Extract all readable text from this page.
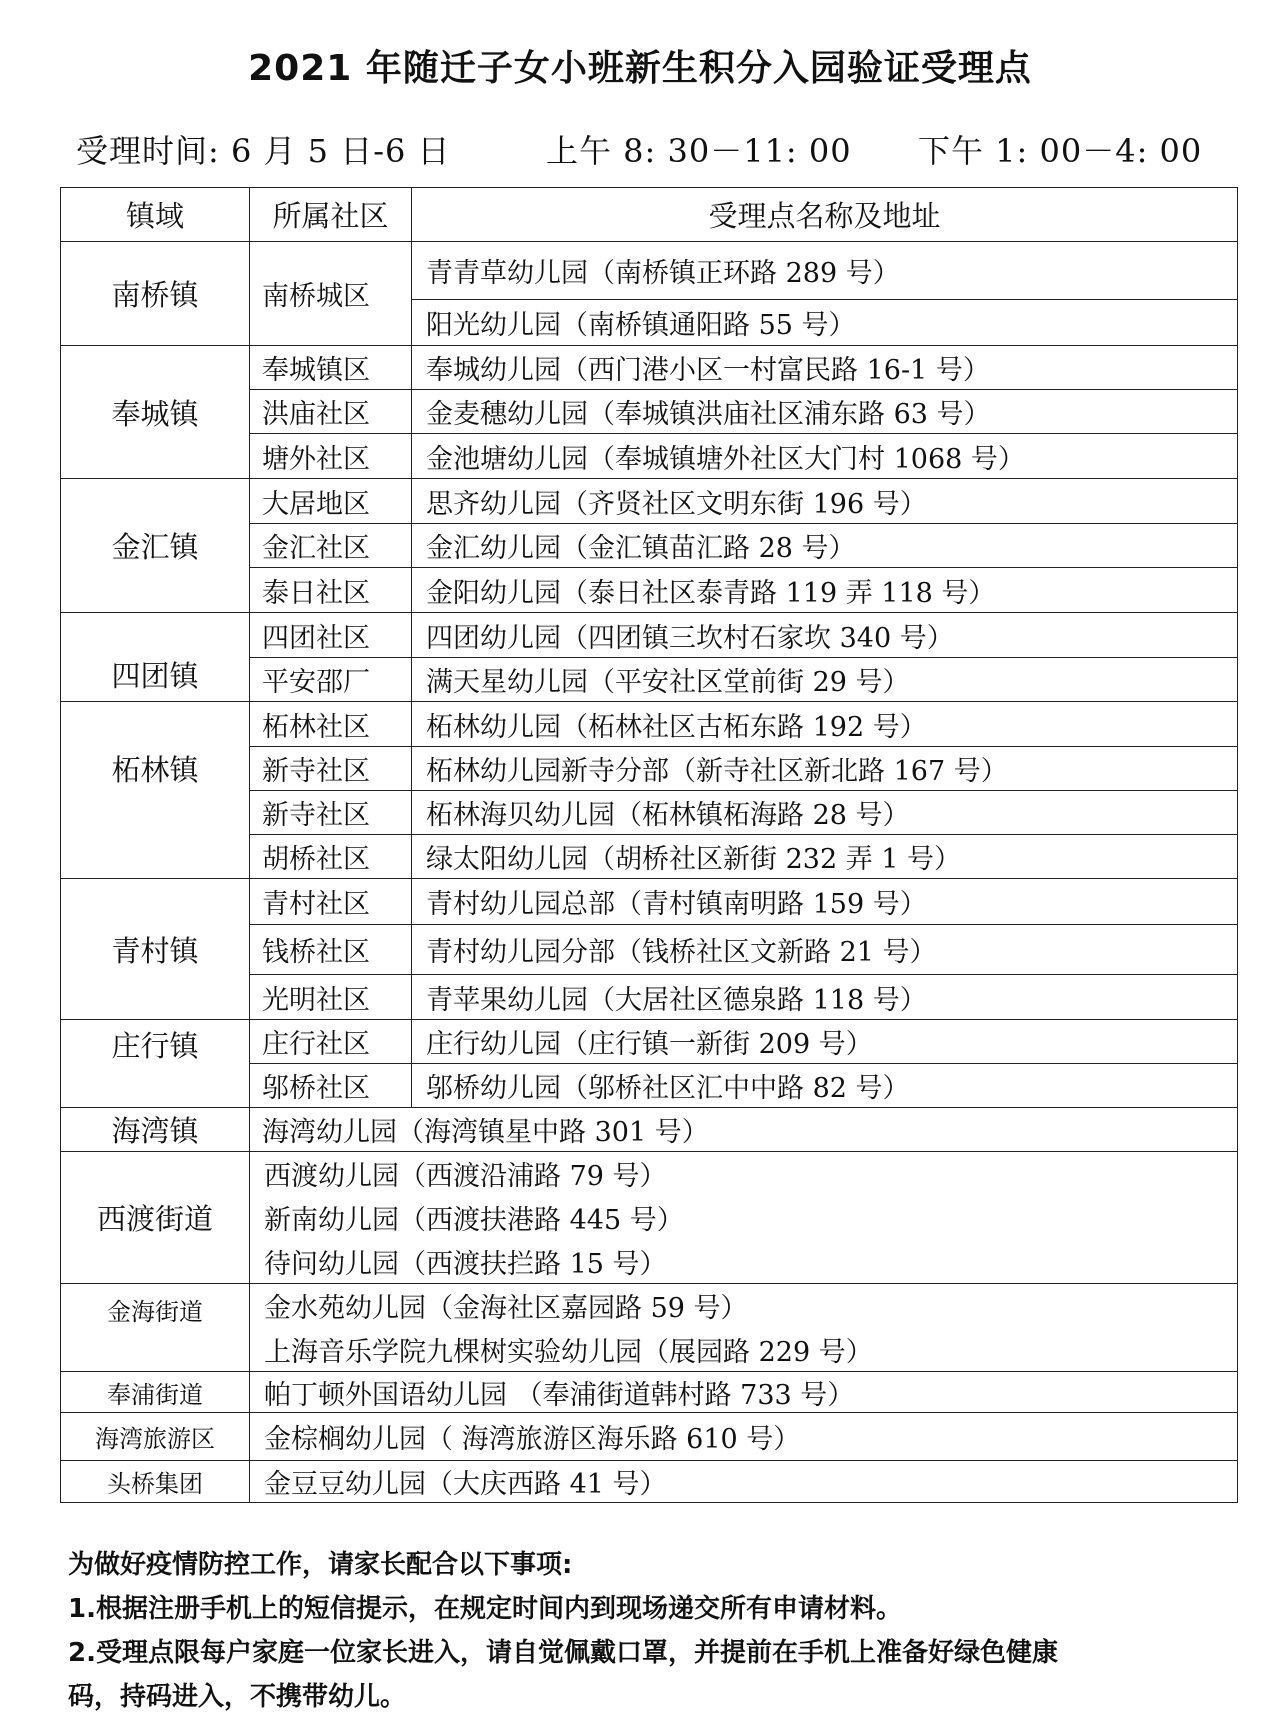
2021 年随迁子女小班新生积分入园验证受理点
受理时间: 6 月 5 日-6 日	上午 8: 30－11: 00 下午 1: 00－4: 00
镇域	所属社区	受理点名称及地址
南桥镇	南桥城区	青青草幼儿园（南桥镇正环路 289 号）
		阳光幼儿园（南桥镇通阳路 55 号）
奉城镇	奉城镇区	奉城幼儿园（西门港小区一村富民路 16-1 号）
	洪庙社区	金麦穗幼儿园（奉城镇洪庙社区浦东路 63 号）
	塘外社区	金池塘幼儿园（奉城镇塘外社区大门村 1068 号）
金汇镇	大居地区	思齐幼儿园（齐贤社区文明东街 196 号）
	金汇社区	金汇幼儿园（金汇镇苗汇路 28 号）
	泰日社区	金阳幼儿园（泰日社区泰青路 119 弄 118 号）
四团镇	四团社区	四团幼儿园（四团镇三坎村石家坎 340 号）
	平安邵厂	满天星幼儿园（平安社区堂前街 29 号）
柘林镇	柘林社区	柘林幼儿园（柘林社区古柘东路 192 号）
	新寺社区	柘林幼儿园新寺分部（新寺社区新北路 167 号）
	新寺社区	柘林海贝幼儿园（柘林镇柘海路 28 号）
	胡桥社区	绿太阳幼儿园（胡桥社区新街 232 弄 1 号）
青村镇	青村社区	青村幼儿园总部（青村镇南明路 159 号）
	钱桥社区	青村幼儿园分部（钱桥社区文新路 21 号）
	光明社区	青苹果幼儿园（大居社区德泉路 118 号）
庄行镇	庄行社区	庄行幼儿园（庄行镇一新街 209 号）
	邬桥社区	邬桥幼儿园（邬桥社区汇中中路 82 号）
海湾镇	海湾幼儿园（海湾镇星中路 301 号）	
西渡街道	西渡幼儿园（西渡沿浦路 79 号）	
	新南幼儿园（西渡扶港路 445 号）	
	待问幼儿园（西渡扶拦路 15 号）	
金海街道	金水苑幼儿园（金海社区嘉园路 59 号）	
	上海音乐学院九棵树实验幼儿园（展园路 229 号）	
奉浦街道	帕丁顿外国语幼儿园 （奉浦街道韩村路 733 号）	
海湾旅游区	金棕榈幼儿园（ 海湾旅游区海乐路 610 号）	
头桥集团	金豆豆幼儿园（大庆西路 41 号）	
为做好疫情防控工作，请家长配合以下事项:
1.根据注册手机上的短信提示，在规定时间内到现场递交所有申请材料。
2.受理点限每户家庭一位家长进入，请自觉佩戴口罩，并提前在手机上准备好绿色健康
码，持码进入，不携带幼儿。
